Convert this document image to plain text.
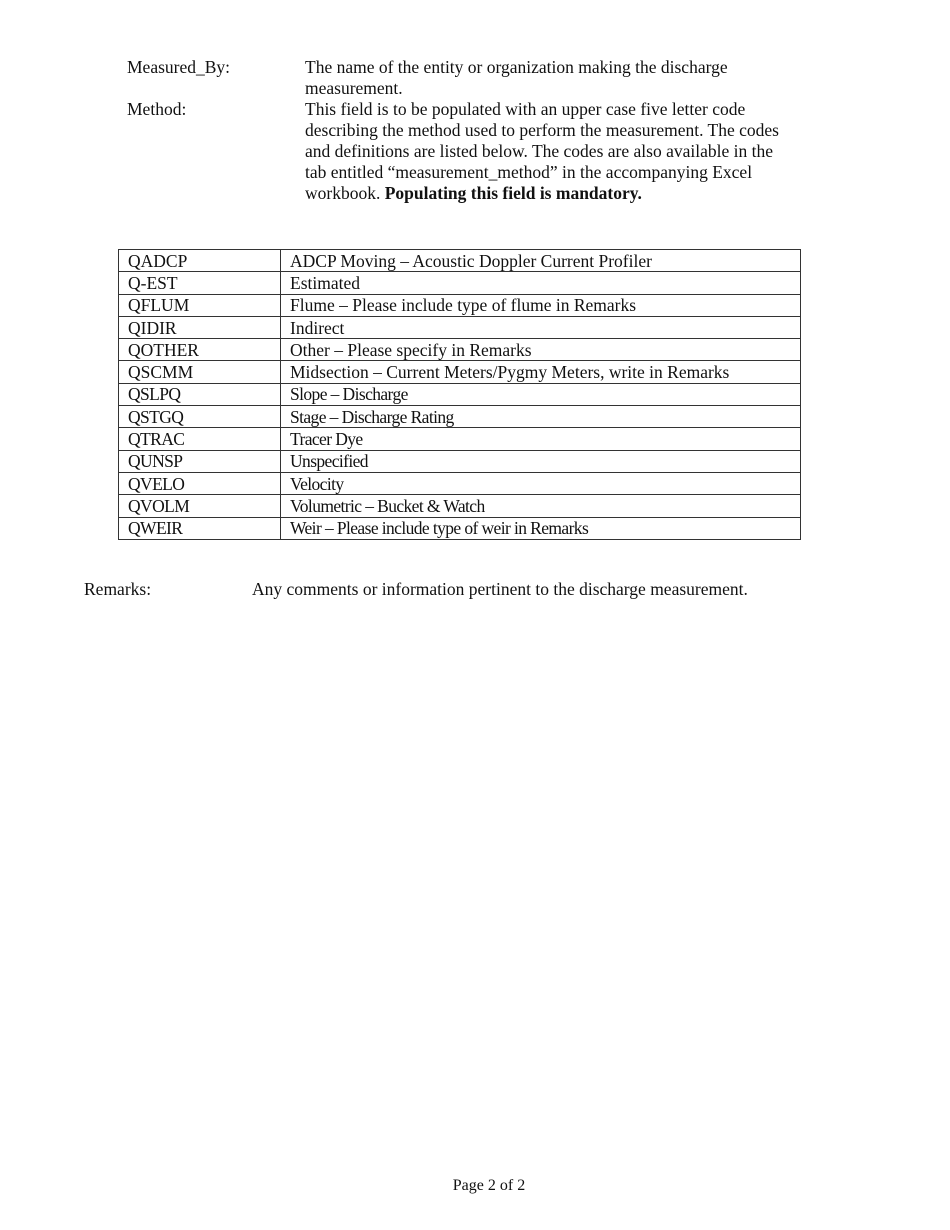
Measured_By:	The name of the entity or organization making the discharge measurement.
Method:	This field is to be populated with an upper case five letter code describing the method used to perform the measurement. The codes and definitions are listed below. The codes are also available in the tab entitled “measurement_method” in the accompanying Excel workbook. Populating this field is mandatory.
QADCP	ADCP Moving – Acoustic Doppler Current Profiler
Q-EST	Estimated
QFLUM	Flume – Please include type of flume in Remarks
QIDIR	Indirect
QOTHER	Other – Please specify in Remarks
QSCMM	Midsection – Current Meters/Pygmy Meters, write in Remarks
QSLPQ	Slope – Discharge
QSTGQ	Stage – Discharge Rating
QTRAC	Tracer Dye
QUNSP	Unspecified
QVELO	Velocity
QVOLM	Volumetric – Bucket & Watch
QWEIR	Weir – Please include type of weir in Remarks
Remarks:	Any comments or information pertinent to the discharge measurement.
Page 2 of 2
